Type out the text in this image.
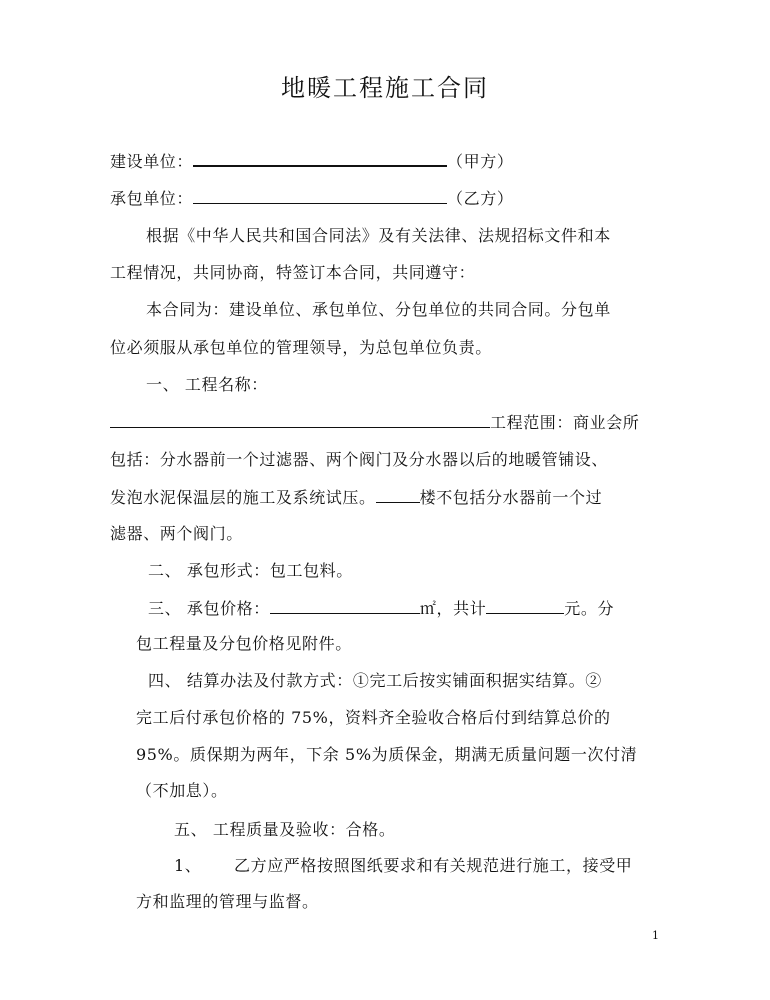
地暖工程施工合同
建设单位：	（甲方）
承包单位：	（乙方）
根据《中华人民共和国合同法》及有关法律、法规招标文件和本
工程情况，共同协商，特签订本合同，共同遵守：
本合同为：建设单位、承包单位、分包单位的共同合同。分包单
位必须服从承包单位的管理领导，为总包单位负责。
一、 工程名称：
工程范围：商业会所
包括：分水器前一个过滤器、两个阀门及分水器以后的地暖管铺设、
发泡水泥保温层的施工及系统试压。	楼不包括分水器前一个过
滤器、两个阀门。
二、 承包形式：包工包料。
三、 承包价格：	㎡，共计	元。分
包工程量及分包价格见附件。
四、 结算办法及付款方式：①完工后按实铺面积据实结算。②
完工后付承包价格的 75%，资料齐全验收合格后付到结算总价的
95%。质保期为两年，下余 5%为质保金，期满无质量问题一次付清
（不加息）。
五、 工程质量及验收：合格。
1、 乙方应严格按照图纸要求和有关规范进行施工，接受甲
方和监理的管理与监督。
1
